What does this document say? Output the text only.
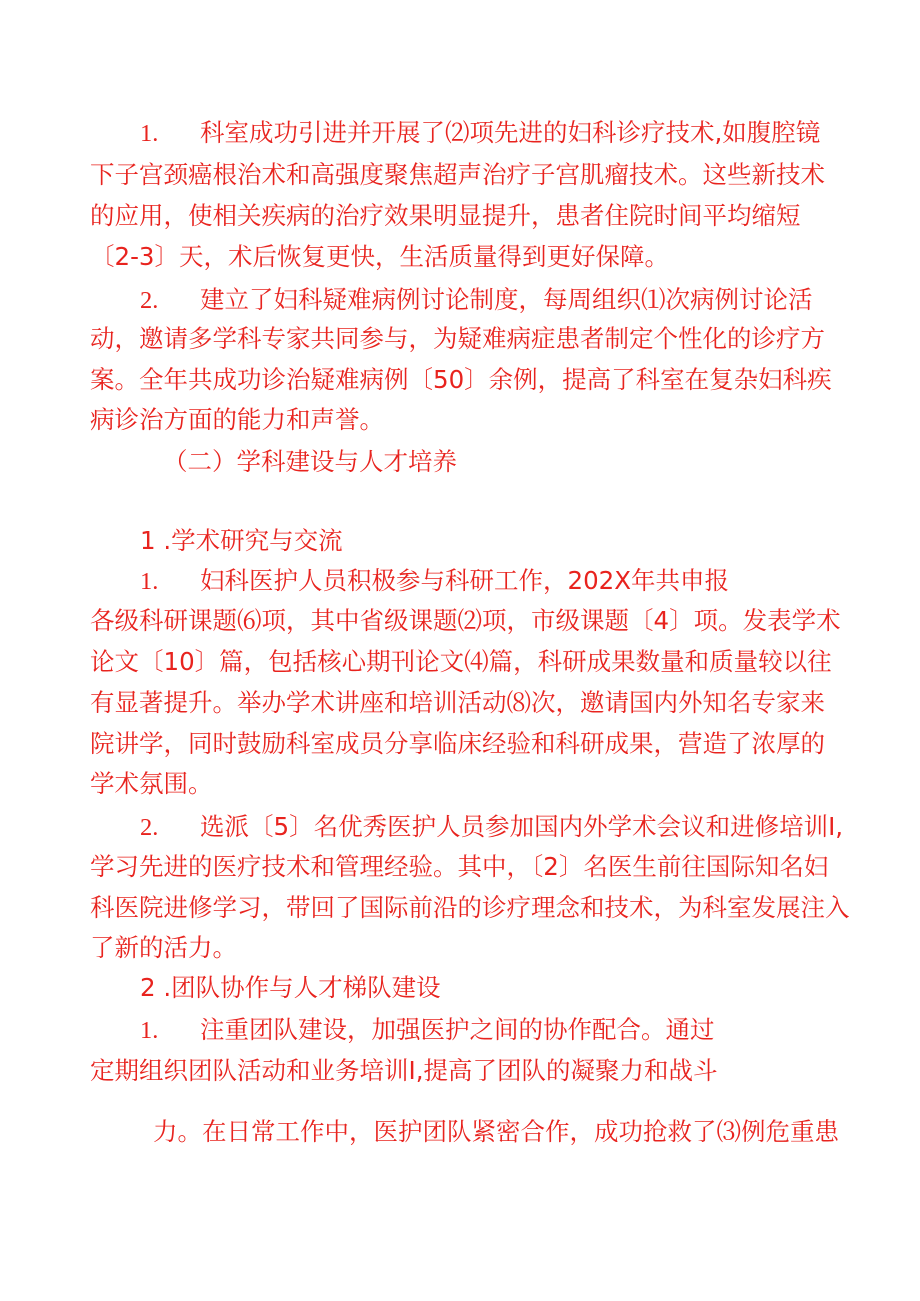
1. 科室成功引进并开展了⑵项先进的妇科诊疗技术,如腹腔镜

下子宫颈癌根治术和高强度聚焦超声治疗子宫肌瘤技术。这些新技术

的应用，使相关疾病的治疗效果明显提升，患者住院时间平均缩短

〔2-3〕天，术后恢复更快，生活质量得到更好保障。

2. 建立了妇科疑难病例讨论制度，每周组织⑴次病例讨论活

动，邀请多学科专家共同参与，为疑难病症患者制定个性化的诊疗方

案。全年共成功诊治疑难病例〔50〕余例，提高了科室在复杂妇科疾

病诊治方面的能力和声誉。

（二）学科建设与人才培养

1 .学术研究与交流

1. 妇科医护人员积极参与科研工作，202X年共申报

各级科研课题⑹项，其中省级课题⑵项，市级课题〔4〕项。发表学术

论文〔10〕篇，包括核心期刊论文⑷篇，科研成果数量和质量较以往

有显著提升。举办学术讲座和培训活动⑻次，邀请国内外知名专家来

院讲学，同时鼓励科室成员分享临床经验和科研成果，营造了浓厚的

学术氛围。

2. 选派〔5〕名优秀医护人员参加国内外学术会议和进修培训I,

学习先进的医疗技术和管理经验。其中，〔2〕名医生前往国际知名妇

科医院进修学习，带回了国际前沿的诊疗理念和技术，为科室发展注入

了新的活力。

2 .团队协作与人才梯队建设

1. 注重团队建设，加强医护之间的协作配合。通过

定期组织团队活动和业务培训I,提高了团队的凝聚力和战斗

力。在日常工作中，医护团队紧密合作，成功抢救了⑶例危重患
